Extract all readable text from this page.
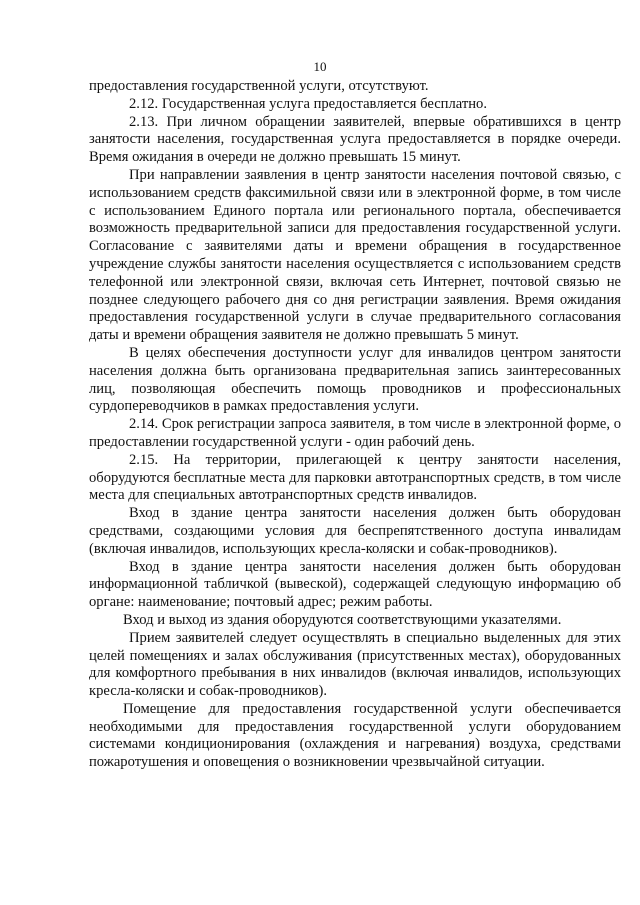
10

предоставления государственной услуги, отсутствуют.

2.12. Государственная услуга предоставляется бесплатно.

2.13. При личном обращении заявителей, впервые обратившихся в центр занятости населения, государственная услуга предоставляется в порядке очереди. Время ожидания в очереди не должно превышать 15 минут.

При направлении заявления в центр занятости населения почтовой связью, с использованием средств факсимильной связи или в электронной форме, в том числе с использованием Единого портала или регионального портала, обеспечивается возможность предварительной записи для предоставления государственной услуги. Согласование с заявителями даты и времени обращения в государственное учреждение службы занятости населения осуществляется с использованием средств телефонной или электронной связи, включая сеть Интернет, почтовой связью не позднее следующего рабочего дня со дня регистрации заявления. Время ожидания предоставления государственной услуги в случае предварительного согласования даты и времени обращения заявителя не должно превышать 5 минут.

В целях обеспечения доступности услуг для инвалидов центром занятости населения должна быть организована предварительная запись заинтересованных лиц, позволяющая обеспечить помощь проводников и профессиональных сурдопереводчиков в рамках предоставления услуги.

2.14. Срок регистрации запроса заявителя, в том числе в электронной форме, о предоставлении государственной услуги - один рабочий день.

2.15. На территории, прилегающей к центру занятости населения, оборудуются бесплатные места для парковки автотранспортных средств, в том числе места для специальных автотранспортных средств инвалидов.

Вход в здание центра занятости населения должен быть оборудован средствами, создающими условия для беспрепятственного доступа инвалидам (включая инвалидов, использующих кресла-коляски и собак-проводников).

Вход в здание центра занятости населения должен быть оборудован информационной табличкой (вывеской), содержащей следующую информацию об органе: наименование; почтовый адрес; режим работы.

Вход и выход из здания оборудуются соответствующими указателями.

Прием заявителей следует осуществлять в специально выделенных для этих целей помещениях и залах обслуживания (присутственных местах), оборудованных для комфортного пребывания в них инвалидов (включая инвалидов, использующих кресла-коляски и собак-проводников).

Помещение для предоставления государственной услуги обеспечивается необходимыми для предоставления государственной услуги оборудованием системами кондиционирования (охлаждения и нагревания) воздуха, средствами пожаротушения и оповещения о возникновении чрезвычайной ситуации.
